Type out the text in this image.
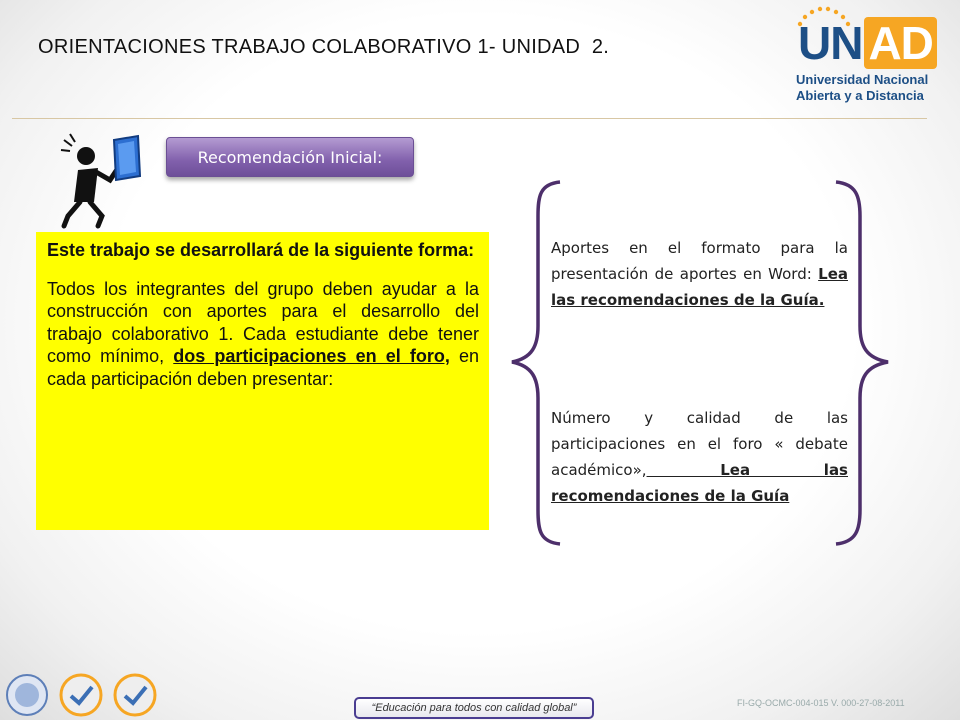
ORIENTACIONES TRABAJO COLABORATIVO 1- UNIDAD  2.	UN AD
Universidad Nacional
Abierta y a Distancia
Recomendación Inicial:

Este trabajo se desarrollará de la siguiente forma:

Todos los integrantes del grupo deben ayudar a la construcción con aportes para el desarrollo del trabajo colaborativo 1. Cada estudiante debe tener como mínimo, dos participaciones en el foro, en cada participación deben presentar:

Aportes en el formato para la presentación de aportes en Word: Lea las recomendaciones de la Guía.
Número y calidad de las participaciones en el foro « debate académico», Lea las recomendaciones de la Guía
“Educación para todos con calidad global”	FI-GQ-OCMC-004-015 V. 000-27-08-2011
